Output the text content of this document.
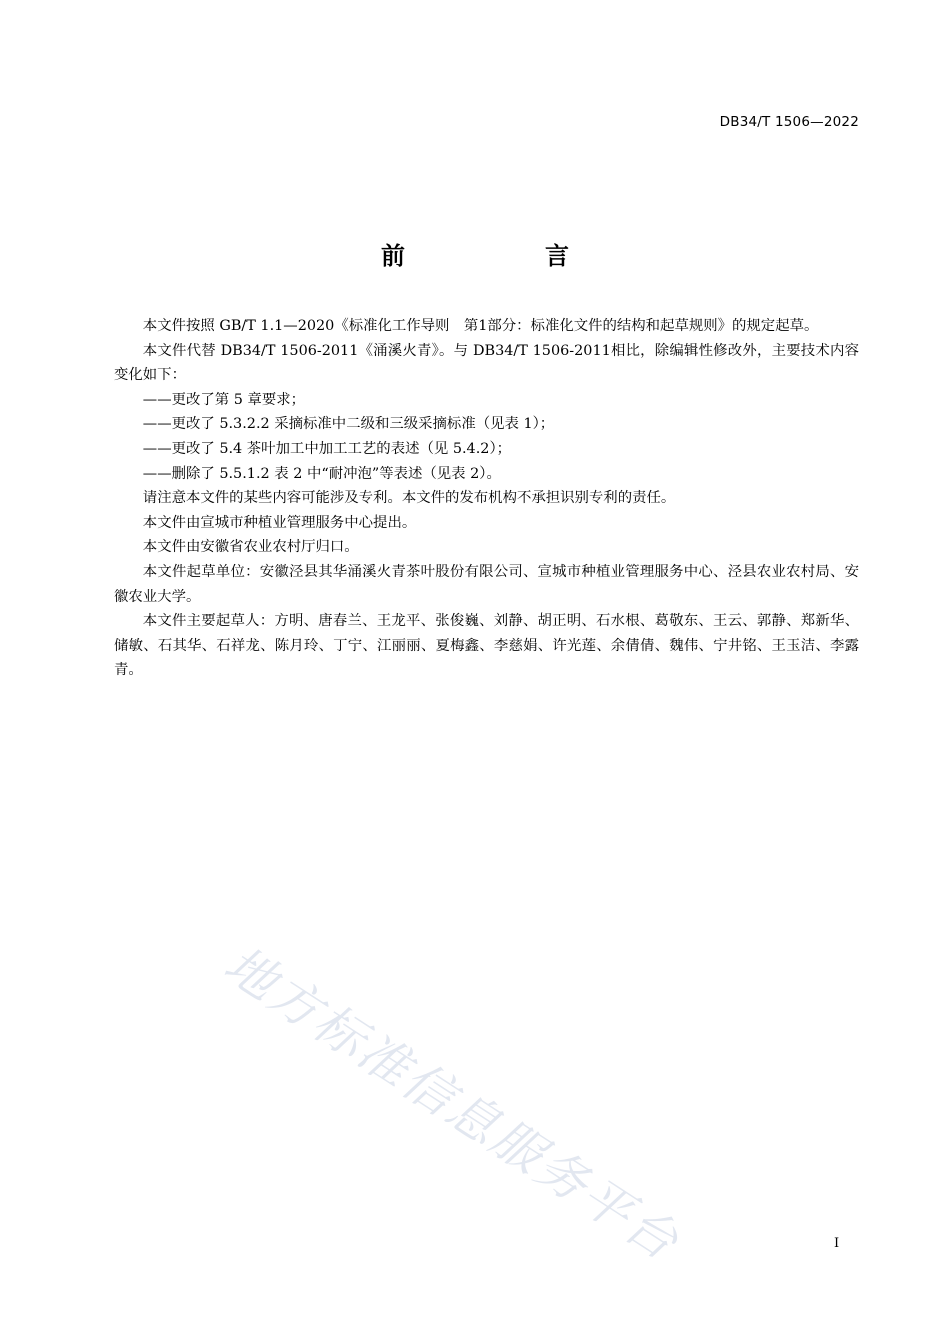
DB34/T 1506—2022
前　言

本文件按照 GB/T 1.1—2020《标准化工作导则　第1部分：标准化文件的结构和起草规则》的规定起草。

本文件代替 DB34/T 1506-2011《涌溪火青》。与 DB34/T 1506-2011相比，除编辑性修改外，主要技术内容变化如下：

——更改了第 5 章要求；

——更改了 5.3.2.2 采摘标准中二级和三级采摘标准（见表 1）；

——更改了 5.4 茶叶加工中加工工艺的表述（见 5.4.2）；

——删除了 5.5.1.2 表 2 中“耐冲泡”等表述（见表 2）。

请注意本文件的某些内容可能涉及专利。本文件的发布机构不承担识别专利的责任。

本文件由宣城市种植业管理服务中心提出。

本文件由安徽省农业农村厅归口。

本文件起草单位：安徽泾县其华涌溪火青茶叶股份有限公司、宣城市种植业管理服务中心、泾县农业农村局、安徽农业大学。

本文件主要起草人：方明、唐春兰、王龙平、张俊巍、刘静、胡正明、石水根、葛敬东、王云、郭静、郑新华、储敏、石其华、石祥龙、陈月玲、丁宁、江丽丽、夏梅鑫、李慈娟、许光莲、余倩倩、魏伟、宁井铭、王玉洁、李露青。

地方标准信息服务平台	I
